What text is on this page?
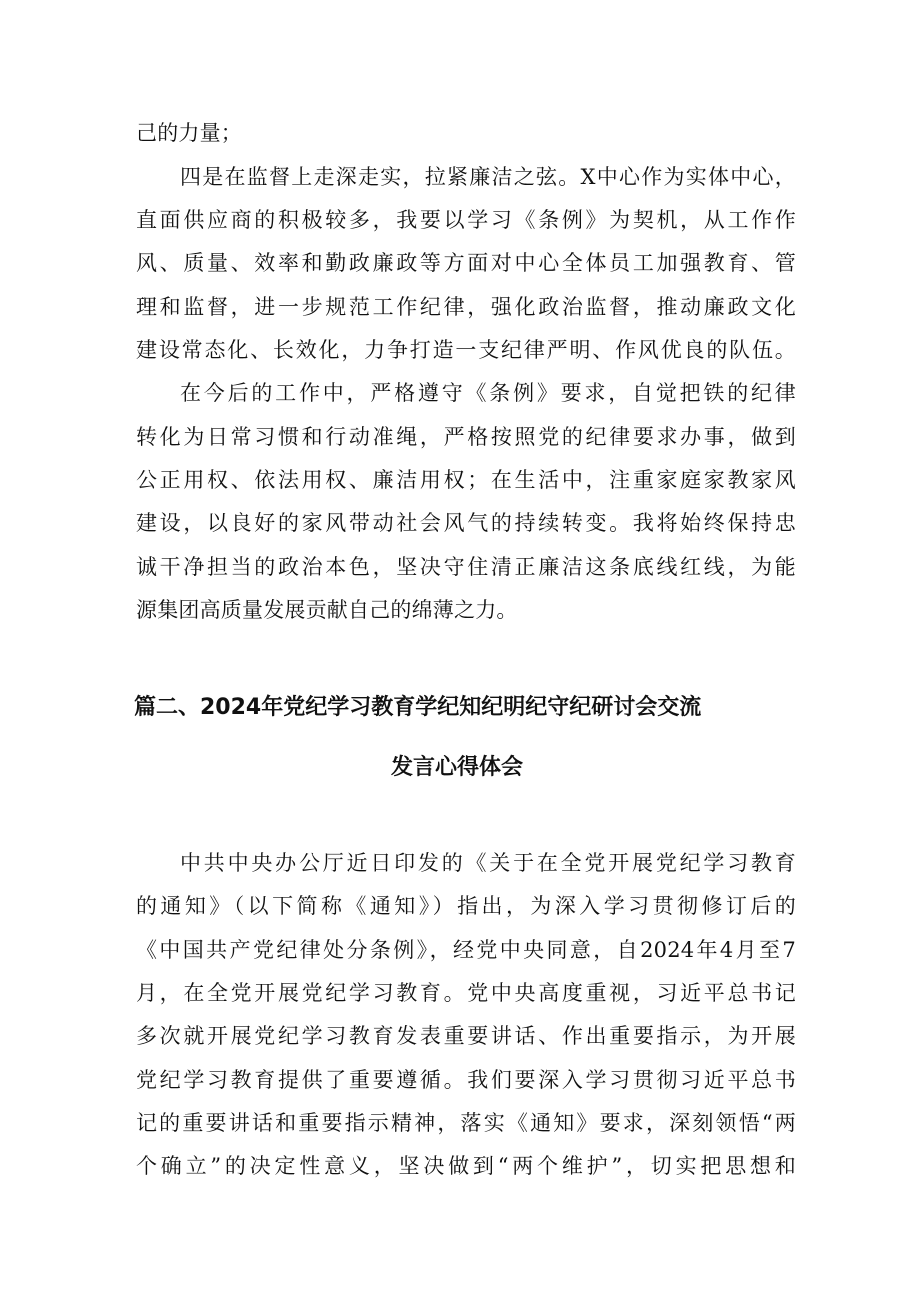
己的力量；

四是在监督上走深走实，拉紧廉洁之弦。X中心作为实体中心，

直面供应商的积极较多，我要以学习《条例》为契机，从工作作

风、质量、效率和勤政廉政等方面对中心全体员工加强教育、管

理和监督，进一步规范工作纪律，强化政治监督，推动廉政文化

建设常态化、长效化，力争打造一支纪律严明、作风优良的队伍。

在今后的工作中，严格遵守《条例》要求，自觉把铁的纪律

转化为日常习惯和行动准绳，严格按照党的纪律要求办事，做到

公正用权、依法用权、廉洁用权；在生活中，注重家庭家教家风

建设，以良好的家风带动社会风气的持续转变。我将始终保持忠

诚干净担当的政治本色，坚决守住清正廉洁这条底线红线，为能

源集团高质量发展贡献自己的绵薄之力。

篇二、2024年党纪学习教育学纪知纪明纪守纪研讨会交流
发言心得体会

中共中央办公厅近日印发的《关于在全党开展党纪学习教育

的通知》（以下简称《通知》）指出，为深入学习贯彻修订后的

《中国共产党纪律处分条例》，经党中央同意，自2024年4月至7

月，在全党开展党纪学习教育。党中央高度重视，习近平总书记

多次就开展党纪学习教育发表重要讲话、作出重要指示，为开展

党纪学习教育提供了重要遵循。我们要深入学习贯彻习近平总书

记的重要讲话和重要指示精神，落实《通知》要求，深刻领悟“两

个确立”的决定性意义，坚决做到“两个维护”，切实把思想和
